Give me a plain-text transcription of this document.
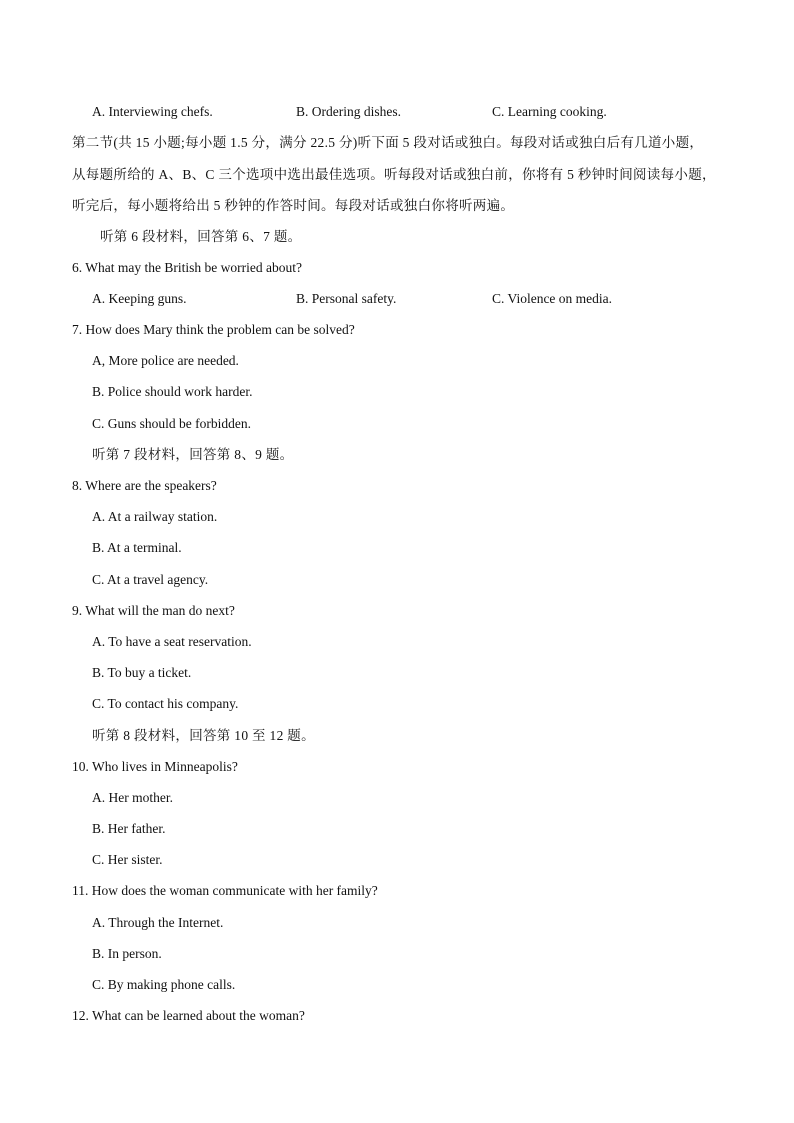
A. Interviewing chefs.	B. Ordering dishes.	C. Learning cooking.
第二节(共 15 小题;每小题 1.5 分，满分 22.5 分)听下面 5 段对话或独白。每段对话或独白后有几道小题，
从每题所给的 A、B、C 三个选项中选出最佳选项。听每段对话或独白前，你将有 5 秒钟时间阅读每小题，
听完后，每小题将给出 5 秒钟的作答时间。每段对话或独白你将听两遍。
听第 6 段材料，回答第 6、7 题。
6. What may the British be worried about?
A. Keeping guns.	B. Personal safety.	C. Violence on media.
7. How does Mary think the problem can be solved?
A, More police are needed.
B. Police should work harder.
C. Guns should be forbidden.
听第 7 段材料，回答第 8、9 题。
8. Where are the speakers?
A. At a railway station.
B. At a terminal.
C. At a travel agency.
9. What will the man do next?
A. To have a seat reservation.
B. To buy a ticket.
C. To contact his company.
听第 8 段材料，回答第 10 至 12 题。
10. Who lives in Minneapolis?
A. Her mother.
B. Her father.
C. Her sister.
11. How does the woman communicate with her family?
A. Through the Internet.
B. In person.
C. By making phone calls.
12. What can be learned about the woman?
